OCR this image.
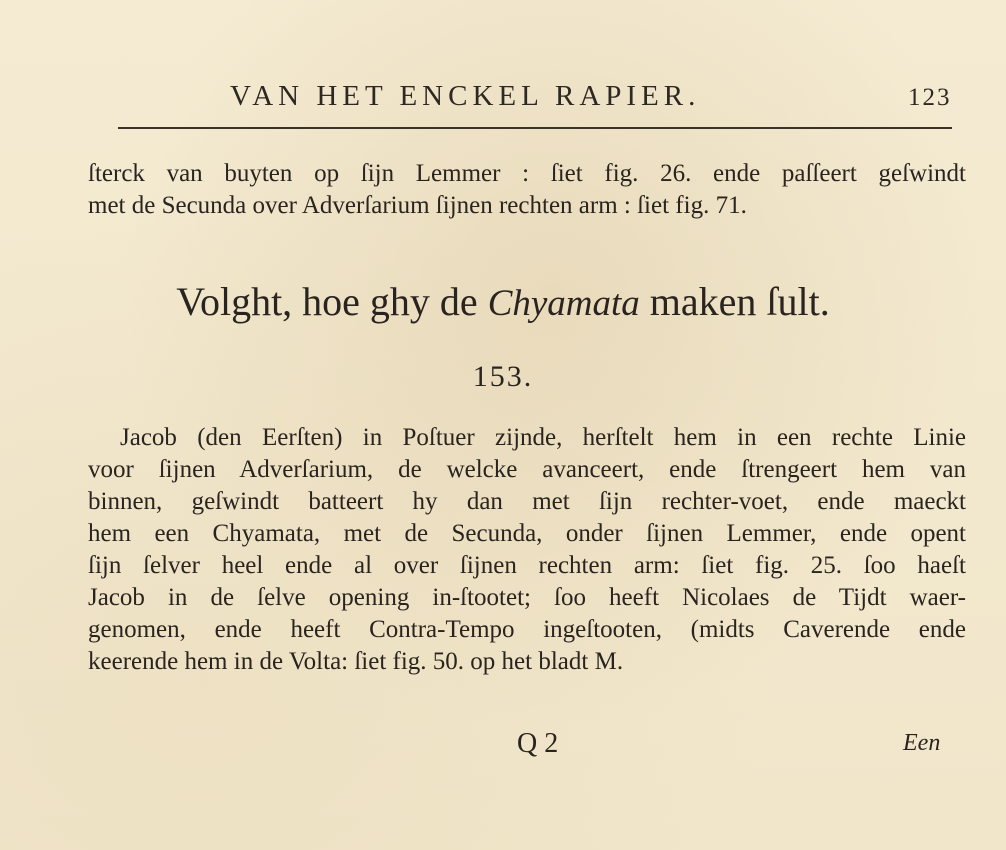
VAN HET ENCKEL RAPIER.	123
ſterck van buyten op ſijn Lemmer : ſiet fig. 26. ende paſſeert geſwindt
met de Secunda over Adverſarium ſijnen rechten arm : ſiet fig. 71.
Volght, hoe ghy de Chyamata maken ſult.
153.
Jacob (den Eerſten) in Poſtuer zijnde, herſtelt hem in een rechte Linie
voor ſijnen Adverſarium, de welcke avanceert, ende ſtrengeert hem van
binnen, geſwindt batteert hy dan met ſijn rechter-voet, ende maeckt
hem een Chyamata, met de Secunda, onder ſijnen Lemmer, ende opent
ſijn ſelver heel ende al over ſijnen rechten arm: ſiet fig. 25. ſoo haeſt
Jacob in de ſelve opening in-ſtootet; ſoo heeft Nicolaes de Tijdt waer-
genomen, ende heeft Contra-Tempo ingeſtooten, (midts Caverende ende
keerende hem in de Volta: ſiet fig. 50. op het bladt M.
Q 2	Een
